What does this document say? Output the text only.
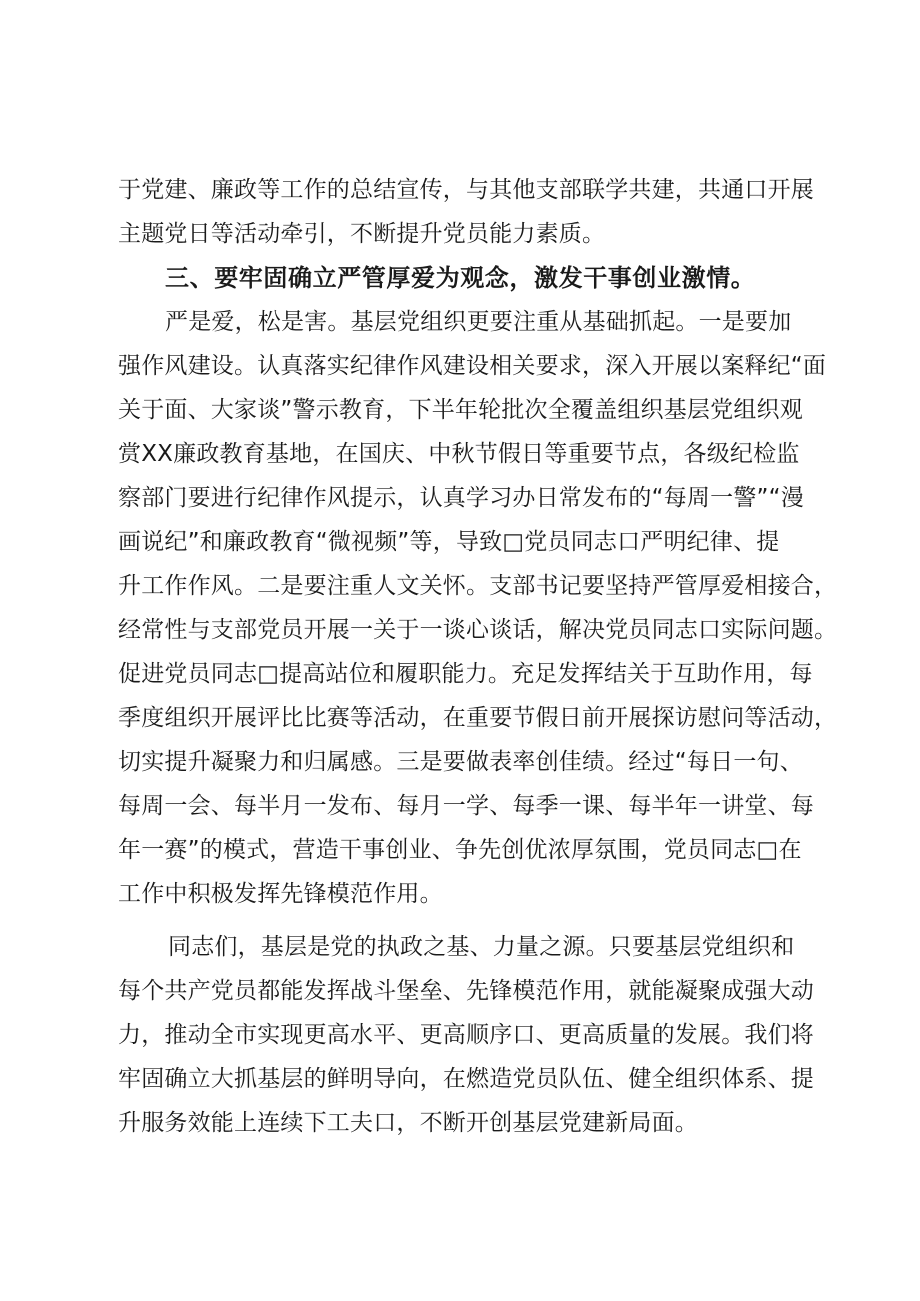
于党建、廉政等工作的总结宣传，与其他支部联学共建，共通口开展
主题党日等活动牵引，不断提升党员能力素质。
三、要牢固确立严管厚爱为观念，激发干事创业激情。
严是爱，松是害。基层党组织更要注重从基础抓起。一是要加
强作风建设。认真落实纪律作风建设相关要求，深入开展以案释纪“面
关于面、大家谈”警示教育，下半年轮批次全覆盖组织基层党组织观
赏XX廉政教育基地，在国庆、中秋节假日等重要节点，各级纪检监
察部门要进行纪律作风提示，认真学习办日常发布的“每周一警”“漫
画说纪”和廉政教育“微视频”等，导致□党员同志口严明纪律、提
升工作作风。二是要注重人文关怀。支部书记要坚持严管厚爱相接合，
经常性与支部党员开展一关于一谈心谈话，解决党员同志口实际问题。
促进党员同志□提高站位和履职能力。充足发挥结关于互助作用，每
季度组织开展评比比赛等活动，在重要节假日前开展探访慰问等活动，
切实提升凝聚力和归属感。三是要做表率创佳绩。经过“每日一句、
每周一会、每半月一发布、每月一学、每季一课、每半年一讲堂、每
年一赛”的模式，营造干事创业、争先创优浓厚氛围，党员同志□在
工作中积极发挥先锋模范作用。
同志们，基层是党的执政之基、力量之源。只要基层党组织和
每个共产党员都能发挥战斗堡垒、先锋模范作用，就能凝聚成强大动
力，推动全市实现更高水平、更高顺序口、更高质量的发展。我们将
牢固确立大抓基层的鲜明导向，在燃造党员队伍、健全组织体系、提
升服务效能上连续下工夫口，不断开创基层党建新局面。
